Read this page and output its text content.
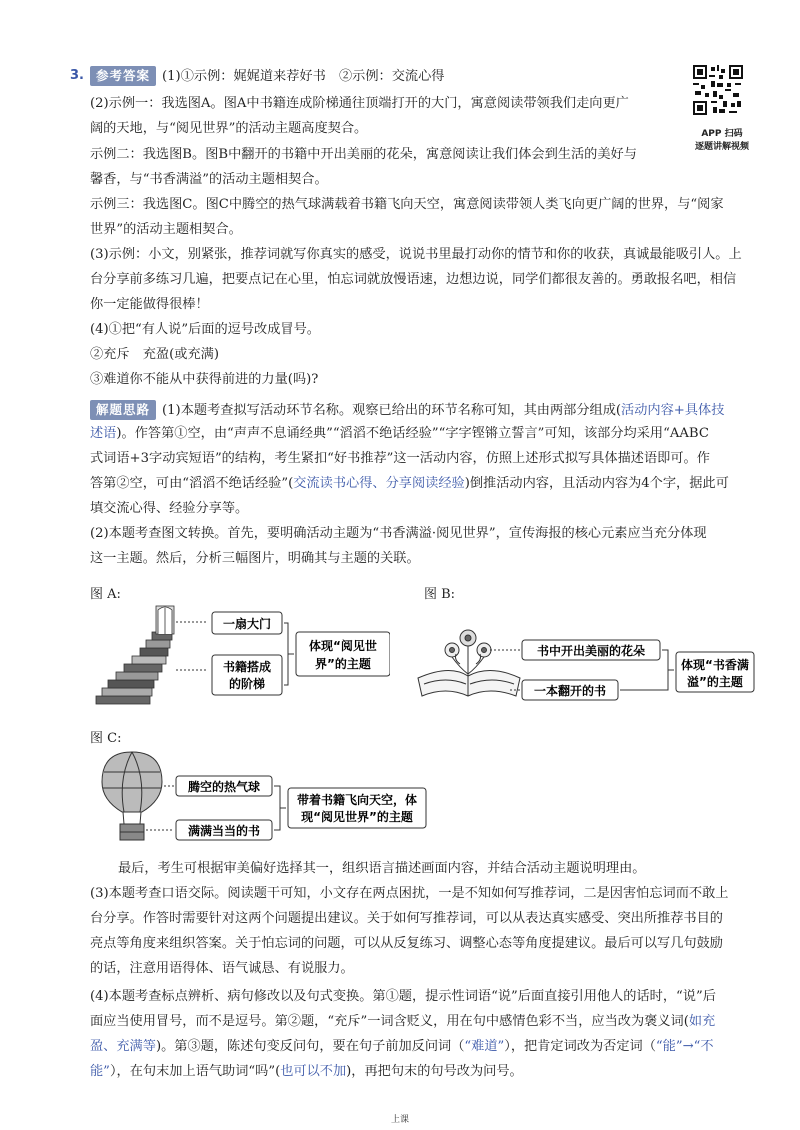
3. 参考答案 (1)①示例：娓娓道来荐好书　②示例：交流心得
APP 扫码
逐题讲解视频
(2)示例一：我选图A。图A中书籍连成阶梯通往顶端打开的大门，寓意阅读带领我们走向更广
阔的天地，与“阅见世界”的活动主题高度契合。
示例二：我选图B。图B中翻开的书籍中开出美丽的花朵，寓意阅读让我们体会到生活的美好与
馨香，与“书香满溢”的活动主题相契合。
示例三：我选图C。图C中腾空的热气球满载着书籍飞向天空，寓意阅读带领人类飞向更广阔的世界，与“阅家
世界”的活动主题相契合。
(3)示例：小文，别紧张，推荐词就写你真实的感受，说说书里最打动你的情节和你的收获，真诚最能吸引人。上
台分享前多练习几遍，把要点记在心里，怕忘词就放慢语速，边想边说，同学们都很友善的。勇敢报名吧，相信
你一定能做得很棒！
(4)①把“有人说”后面的逗号改成冒号。
②充斥　充盈(或充满)
③难道你不能从中获得前进的力量(吗)?
解题思路 (1)本题考查拟写活动环节名称。观察已给出的环节名称可知，其由两部分组成(活动内容+具体技
述语)。作答第①空，由“声声不息诵经典”“滔滔不绝话经验”“字字铿锵立誓言”可知，该部分均采用“AABC
式词语+3字动宾短语”的结构，考生紧扣“好书推荐”这一活动内容，仿照上述形式拟写具体描述语即可。作
答第②空，可由“滔滔不绝话经验”(交流读书心得、分享阅读经验)倒推活动内容，且活动内容为4个字，据此可
填交流心得、经验分享等。
(2)本题考查图文转换。首先，要明确活动主题为“书香满溢·阅见世界”，宣传海报的核心元素应当充分体现
这一主题。然后，分析三幅图片，明确其与主题的关联。
图 A:
一扇大门
书籍搭成
的阶梯
体现“阅见世
界”的主题
图 B:
书中开出美丽的花朵
一本翻开的书
体现“书香满
溢”的主题
图 C:
腾空的热气球
满满当当的书
带着书籍飞向天空，体
现“阅见世界”的主题
最后，考生可根据审美偏好选择其一，组织语言描述画面内容，并结合活动主题说明理由。
(3)本题考查口语交际。阅读题干可知，小文存在两点困扰，一是不知如何写推荐词，二是因害怕忘词而不敢上
台分享。作答时需要针对这两个问题提出建议。关于如何写推荐词，可以从表达真实感受、突出所推荐书目的
亮点等角度来组织答案。关于怕忘词的问题，可以从反复练习、调整心态等角度提建议。最后可以写几句鼓励
的话，注意用语得体、语气诚恳、有说服力。
(4)本题考查标点辨析、病句修改以及句式变换。第①题，提示性词语“说”后面直接引用他人的话时，“说”后
面应当使用冒号，而不是逗号。第②题，“充斥”一词含贬义，用在句中感情色彩不当，应当改为褒义词(如充
盈、充满等)。第③题，陈述句变反问句，要在句子前加反问词（“难道”），把肯定词改为否定词（“能”→“不
能”），在句末加上语气助词“吗”(也可以不加)，再把句末的句号改为问号。
上课
